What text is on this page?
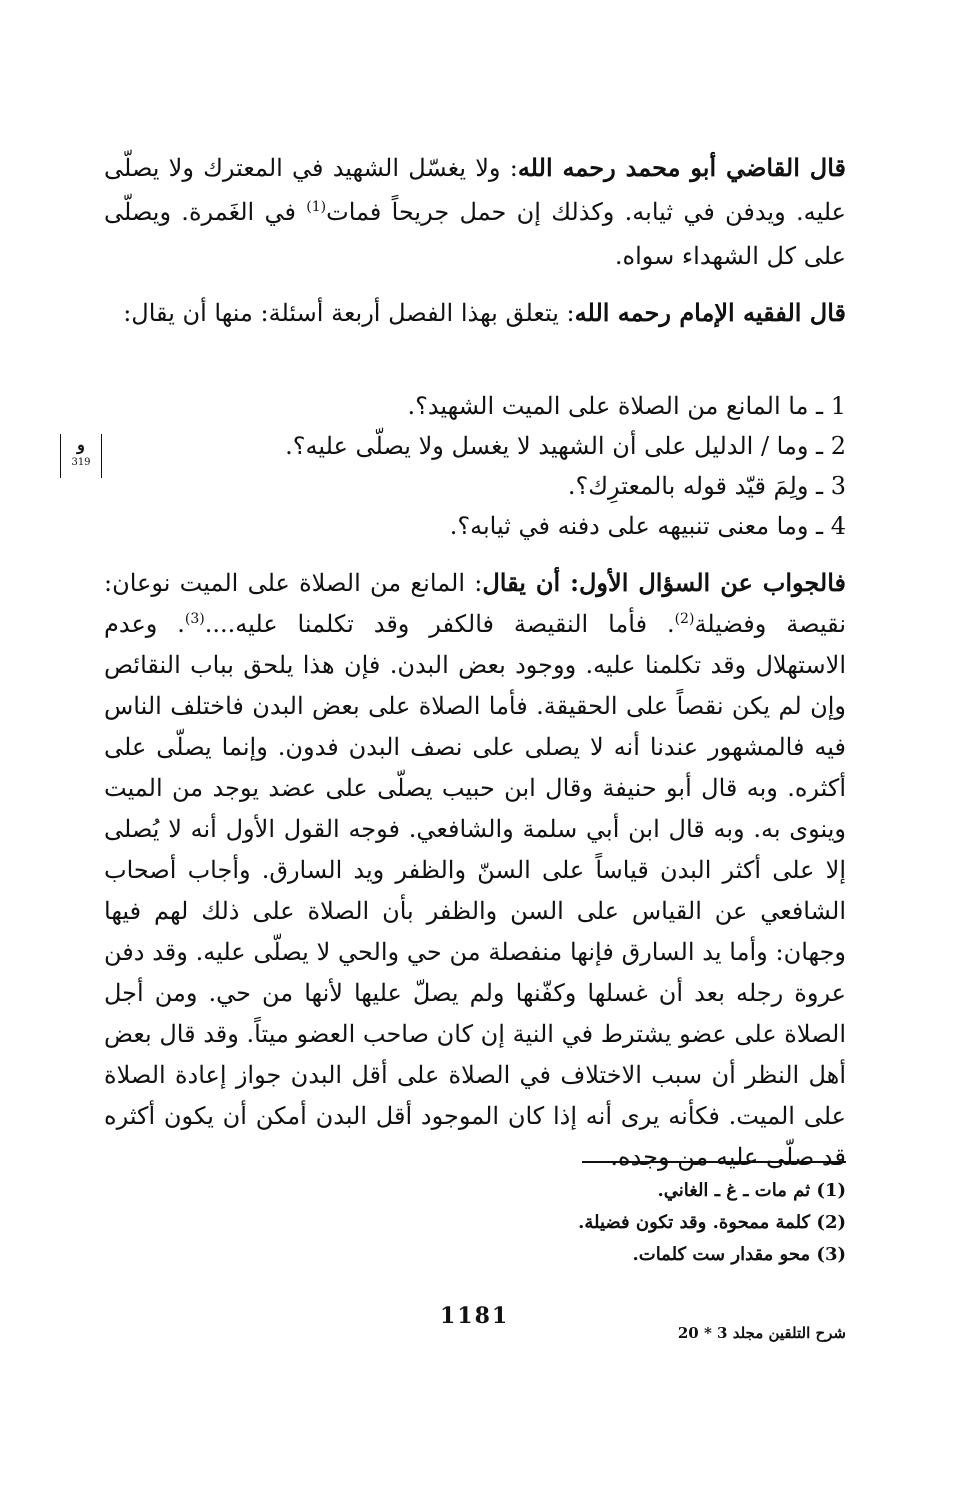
قال القاضي أبو محمد رحمه الله: ولا يغسّل الشهيد في المعترك ولا يصلّى عليه. ويدفن في ثيابه. وكذلك إن حمل جريحاً فمات$^{(1)}$ في الغَمرة. ويصلّى على كل الشهداء سواه.

قال الفقيه الإمام رحمه الله: يتعلق بهذا الفصل أربعة أسئلة: منها أن يقال:

و
319
1 ـ ما المانع من الصلاة على الميت الشهيد؟.
2 ـ وما / الدليل على أن الشهيد لا يغسل ولا يصلّى عليه؟.
3 ـ ولِمَ قيّد قوله بالمعترِك؟.
4 ـ وما معنى تنبيهه على دفنه في ثيابه؟.

فالجواب عن السؤال الأول: أن يقال: المانع من الصلاة على الميت نوعان: نقيصة وفضيلة$^{(2)}$. فأما النقيصة فالكفر وقد تكلمنا عليه....$^{(3)}$. وعدم الاستهلال وقد تكلمنا عليه. ووجود بعض البدن. فإن هذا يلحق بباب النقائص وإن لم يكن نقصاً على الحقيقة. فأما الصلاة على بعض البدن فاختلف الناس فيه فالمشهور عندنا أنه لا يصلى على نصف البدن فدون. وإنما يصلّى على أكثره. وبه قال أبو حنيفة وقال ابن حبيب يصلّى على عضد يوجد من الميت وينوى به. وبه قال ابن أبي سلمة والشافعي. فوجه القول الأول أنه لا يُصلى إلا على أكثر البدن قياساً على السنّ والظفر ويد السارق. وأجاب أصحاب الشافعي عن القياس على السن والظفر بأن الصلاة على ذلك لهم فيها وجهان: وأما يد السارق فإنها منفصلة من حي والحي لا يصلّى عليه. وقد دفن عروة رجله بعد أن غسلها وكفّنها ولم يصلّ عليها لأنها من حي. ومن أجل الصلاة على عضو يشترط في النية إن كان صاحب العضو ميتاً. وقد قال بعض أهل النظر أن سبب الاختلاف في الصلاة على أقل البدن جواز إعادة الصلاة على الميت. فكأنه يرى أنه إذا كان الموجود أقل البدن أمكن أن يكون أكثره قد صلّى عليه من وجده.

(1) ثم مات ـ غ ـ الغاني.
(2) كلمة ممحوة. وقد تكون فضيلة.
(3) محو مقدار ست كلمات.
1181
شرح التلقين مجلد 3 * 20
